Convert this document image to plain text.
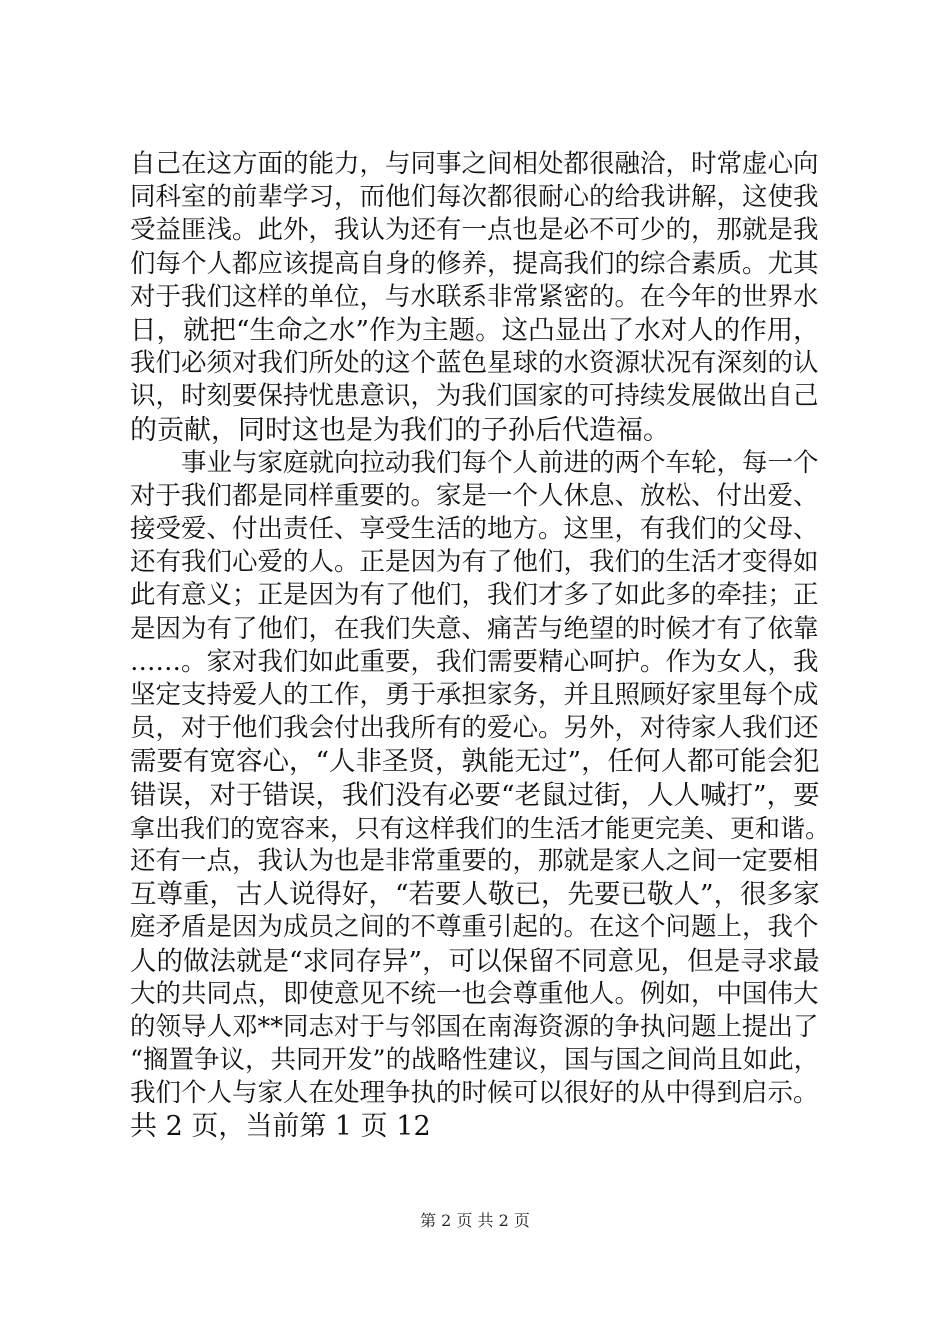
自己在这方面的能力，与同事之间相处都很融洽，时常虚心向
同科室的前辈学习，而他们每次都很耐心的给我讲解，这使我
受益匪浅。此外，我认为还有一点也是必不可少的，那就是我
们每个人都应该提高自身的修养，提高我们的综合素质。尤其
对于我们这样的单位，与水联系非常紧密的。在今年的世界水
日，就把“生命之水”作为主题。这凸显出了水对人的作用，
我们必须对我们所处的这个蓝色星球的水资源状况有深刻的认
识，时刻要保持忧患意识，为我们国家的可持续发展做出自己
的贡献，同时这也是为我们的子孙后代造福。
　　事业与家庭就向拉动我们每个人前进的两个车轮，每一个
对于我们都是同样重要的。家是一个人休息、放松、付出爱、
接受爱、付出责任、享受生活的地方。这里，有我们的父母、
还有我们心爱的人。正是因为有了他们，我们的生活才变得如
此有意义；正是因为有了他们，我们才多了如此多的牵挂；正
是因为有了他们，在我们失意、痛苦与绝望的时候才有了依靠
……。家对我们如此重要，我们需要精心呵护。作为女人，我
坚定支持爱人的工作，勇于承担家务，并且照顾好家里每个成
员，对于他们我会付出我所有的爱心。另外，对待家人我们还
需要有宽容心，“人非圣贤，孰能无过”，任何人都可能会犯
错误，对于错误，我们没有必要“老鼠过街，人人喊打”，要
拿出我们的宽容来，只有这样我们的生活才能更完美、更和谐。
还有一点，我认为也是非常重要的，那就是家人之间一定要相
互尊重，古人说得好，“若要人敬已，先要已敬人”，很多家
庭矛盾是因为成员之间的不尊重引起的。在这个问题上，我个
人的做法就是“求同存异”，可以保留不同意见，但是寻求最
大的共同点，即使意见不统一也会尊重他人。例如，中国伟大
的领导人邓**同志对于与邻国在南海资源的争执问题上提出了
“搁置争议，共同开发”的战略性建议，国与国之间尚且如此，
我们个人与家人在处理争执的时候可以很好的从中得到启示。
共 2 页，当前第 1 页 12
第 2 页 共 2 页
